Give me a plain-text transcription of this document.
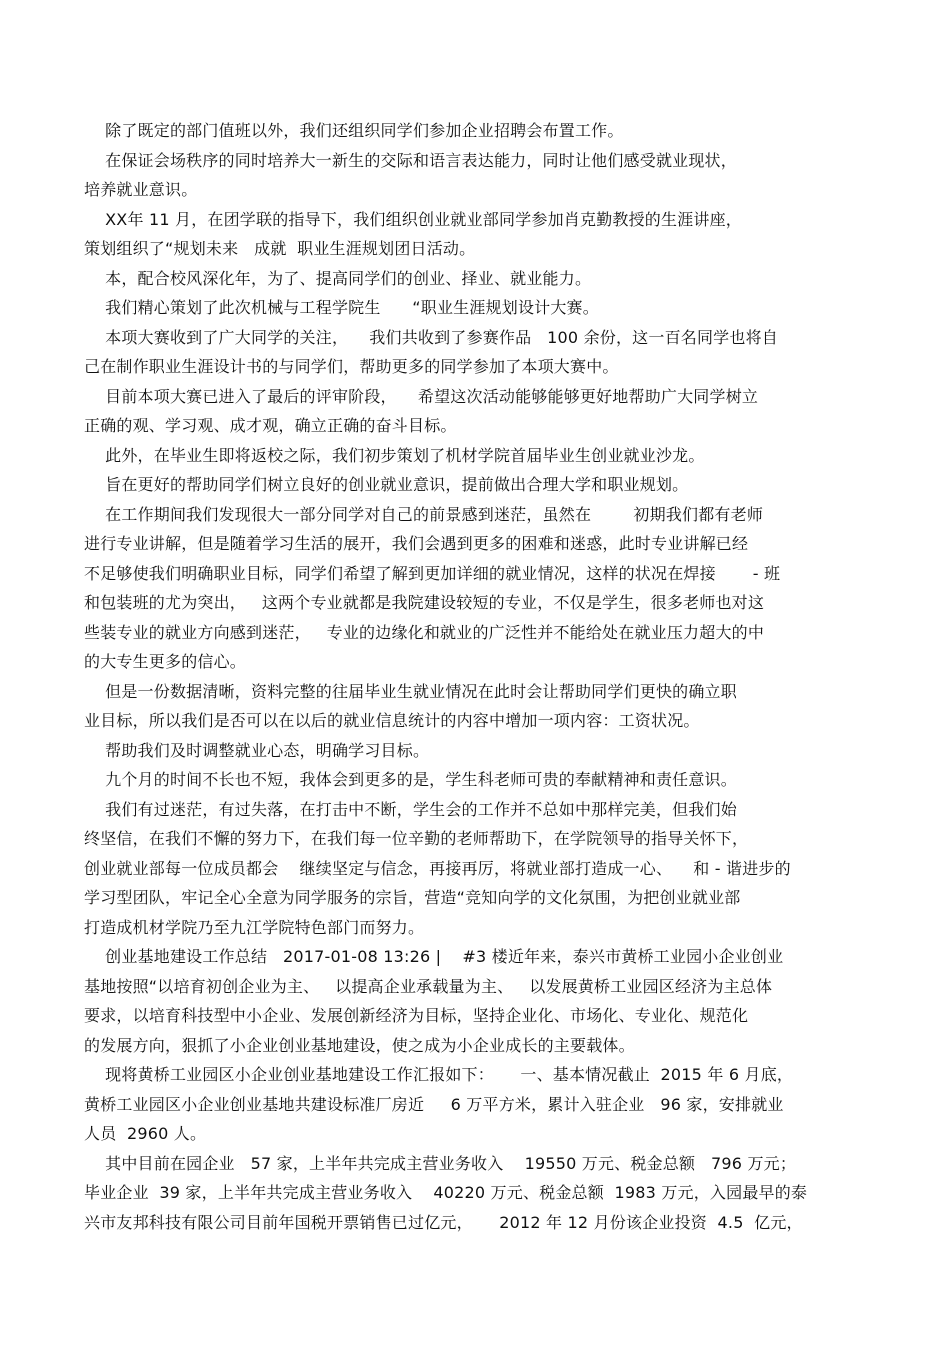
除了既定的部门值班以外，我们还组织同学们参加企业招聘会布置工作。
在保证会场秩序的同时培养大一新生的交际和语言表达能力，同时让他们感受就业现状，
培养就业意识。
XX年 11 月，在团学联的指导下，我们组织创业就业部同学参加肖克勤教授的生涯讲座，
策划组织了“规划未来   成就  职业生涯规划团日活动。
本，配合校风深化年，为了、提高同学们的创业、择业、就业能力。
我们精心策划了此次机械与工程学院生      “职业生涯规划设计大赛。
本项大赛收到了广大同学的关注，    我们共收到了参赛作品   100 余份，这一百名同学也将自
己在制作职业生涯设计书的与同学们，帮助更多的同学参加了本项大赛中。
目前本项大赛已进入了最后的评审阶段，    希望这次活动能够能够更好地帮助广大同学树立
正确的观、学习观、成才观，确立正确的奋斗目标。
此外，在毕业生即将返校之际，我们初步策划了机材学院首届毕业生创业就业沙龙。
旨在更好的帮助同学们树立良好的创业就业意识，提前做出合理大学和职业规划。
在工作期间我们发现很大一部分同学对自己的前景感到迷茫，虽然在        初期我们都有老师
进行专业讲解，但是随着学习生活的展开，我们会遇到更多的困难和迷惑，此时专业讲解已经
不足够使我们明确职业目标，同学们希望了解到更加详细的就业情况，这样的状况在焊接       - 班
和包装班的尤为突出，   这两个专业就都是我院建设较短的专业，不仅是学生，很多老师也对这
些装专业的就业方向感到迷茫，   专业的边缘化和就业的广泛性并不能给处在就业压力超大的中
的大专生更多的信心。
但是一份数据清晰，资料完整的往届毕业生就业情况在此时会让帮助同学们更快的确立职
业目标，所以我们是否可以在以后的就业信息统计的内容中增加一项内容：工资状况。
帮助我们及时调整就业心态，明确学习目标。
九个月的时间不长也不短，我体会到更多的是，学生科老师可贵的奉献精神和责任意识。
我们有过迷茫，有过失落，在打击中不断，学生会的工作并不总如中那样完美，但我们始
终坚信，在我们不懈的努力下，在我们每一位辛勤的老师帮助下，在学院领导的指导关怀下，
创业就业部每一位成员都会    继续坚定与信念，再接再厉，将就业部打造成一心、    和 - 谐进步的
学习型团队，牢记全心全意为同学服务的宗旨，营造“竞知向学的文化氛围，为把创业就业部
打造成机材学院乃至九江学院特色部门而努力。
创业基地建设工作总结   2017-01-08 13:26 |    #3 楼近年来，泰兴市黄桥工业园小企业创业
基地按照“以培育初创企业为主、   以提高企业承载量为主、   以发展黄桥工业园区经济为主总体
要求，以培育科技型中小企业、发展创新经济为目标，坚持企业化、市场化、专业化、规范化
的发展方向，狠抓了小企业创业基地建设，使之成为小企业成长的主要载体。
现将黄桥工业园区小企业创业基地建设工作汇报如下：     一、基本情况截止  2015 年 6 月底，
黄桥工业园区小企业创业基地共建设标准厂房近     6 万平方米，累计入驻企业   96 家，安排就业
人员  2960 人。
其中目前在园企业   57 家，上半年共完成主营业务收入    19550 万元、税金总额   796 万元；
毕业企业  39 家，上半年共完成主营业务收入    40220 万元、税金总额  1983 万元，入园最早的泰
兴市友邦科技有限公司目前年国税开票销售已过亿元，     2012 年 12 月份该企业投资  4.5  亿元，
